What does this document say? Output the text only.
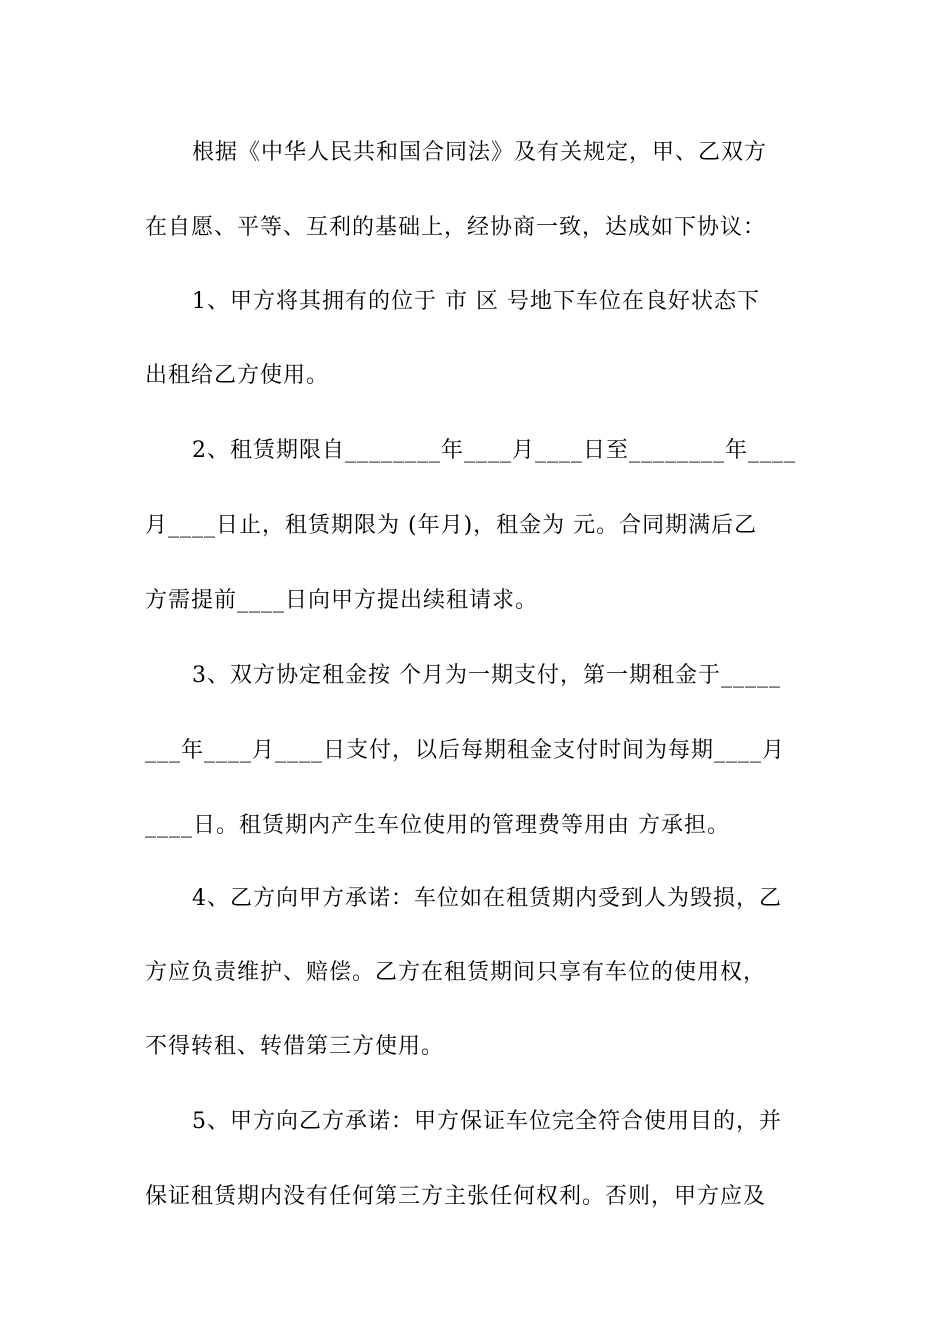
根据《中华人民共和国合同法》及有关规定，甲、乙双方
在自愿、平等、互利的基础上，经协商一致，达成如下协议：
1、甲方将其拥有的位于 市 区 号地下车位在良好状态下
出租给乙方使用。
2、租赁期限自________年____月____日至________年____
月____日止，租赁期限为 (年月)，租金为 元。合同期满后乙
方需提前____日向甲方提出续租请求。
3、双方协定租金按 个月为一期支付，第一期租金于_____
___年____月____日支付，以后每期租金支付时间为每期____月
____日。租赁期内产生车位使用的管理费等用由 方承担。
4、乙方向甲方承诺：车位如在租赁期内受到人为毁损，乙
方应负责维护、赔偿。乙方在租赁期间只享有车位的使用权，
不得转租、转借第三方使用。
5、甲方向乙方承诺：甲方保证车位完全符合使用目的，并
保证租赁期内没有任何第三方主张任何权利。否则，甲方应及
